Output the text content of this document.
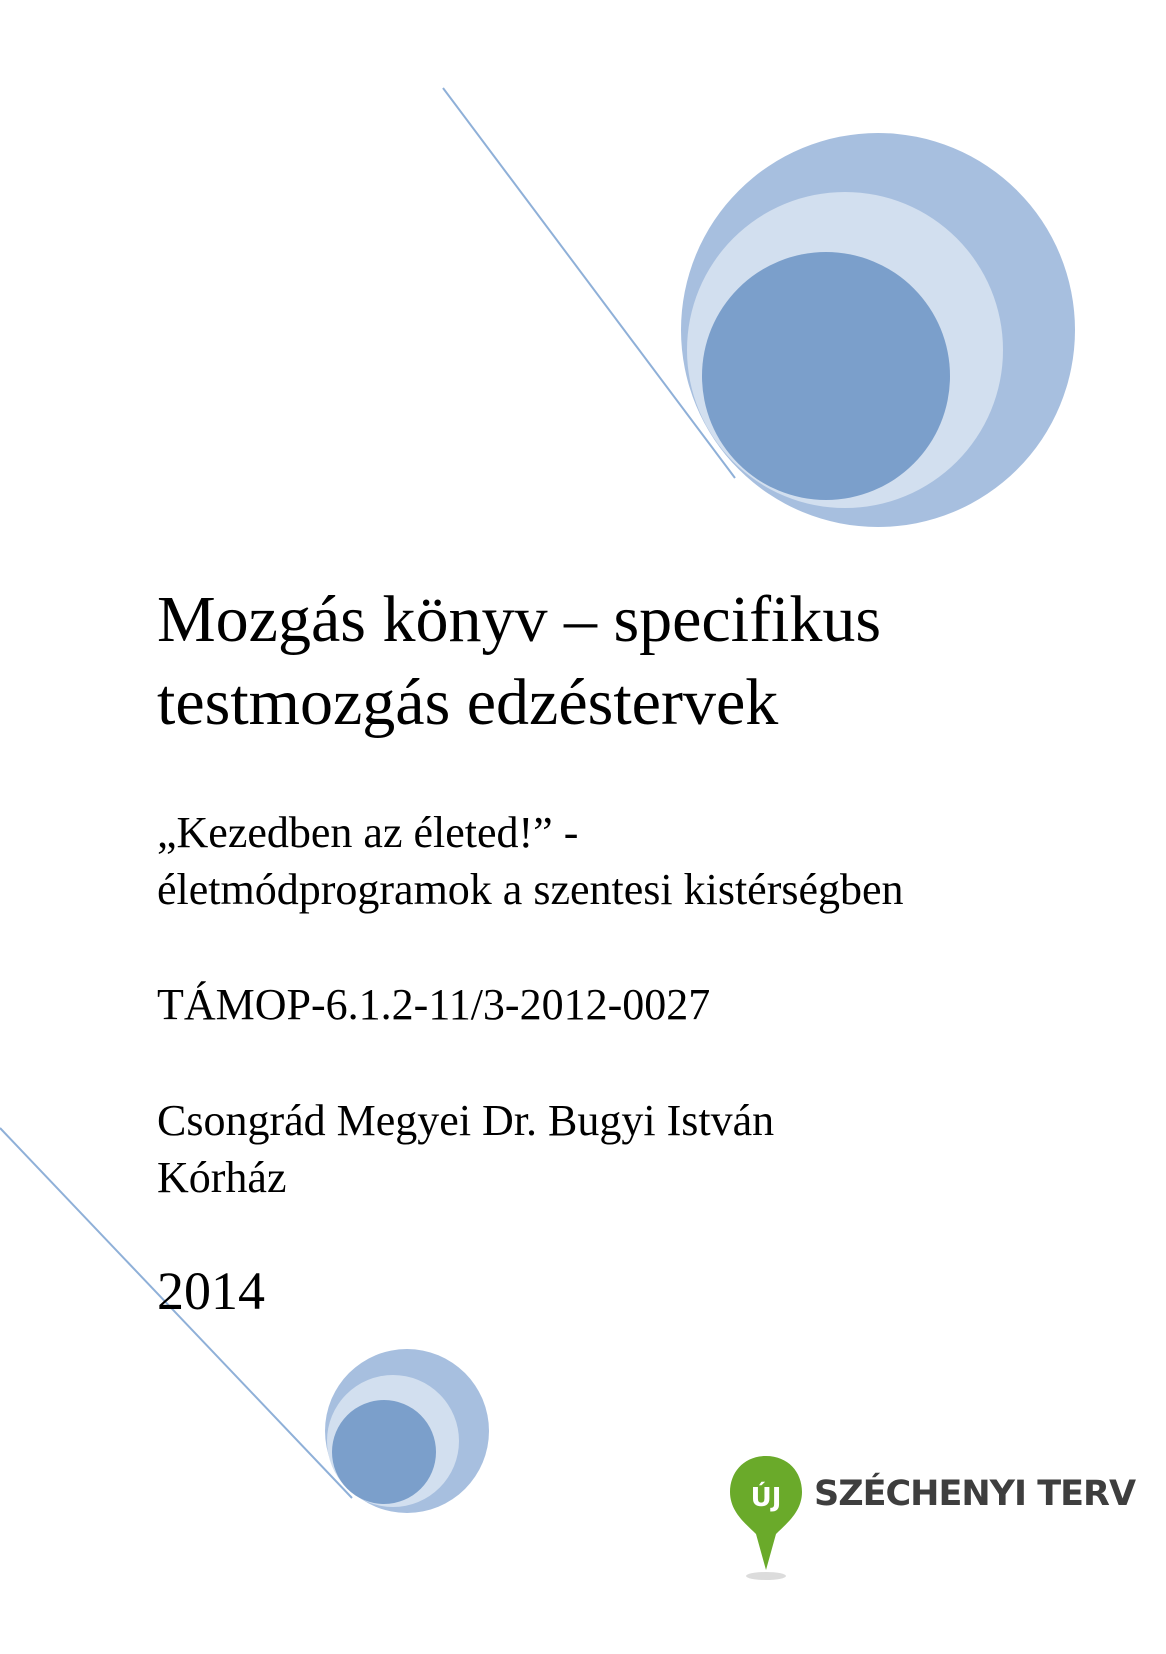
Mozgás könyv – specifikus
testmozgás edzéstervek

„Kezedben az életed!” -
életmódprogramok a szentesi kistérségben

TÁMOP-6.1.2-11/3-2012-0027

Csongrád Megyei Dr. Bugyi István
Kórház

2014

ÚJ SZÉCHENYI TERV
